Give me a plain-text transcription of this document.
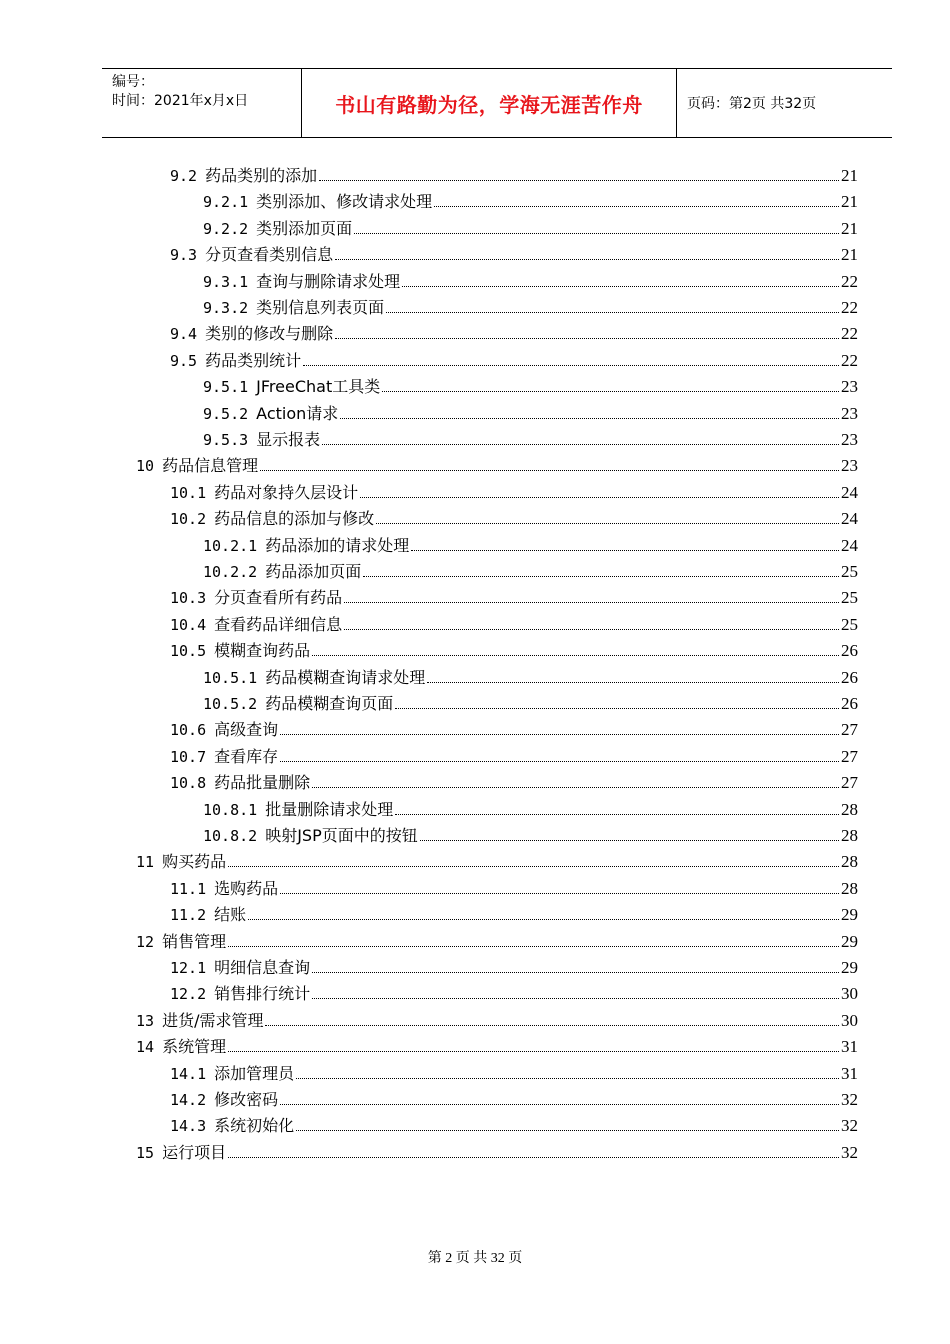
编号：
时间：2021年x月x日	书山有路勤为径，学海无涯苦作舟	页码：第2页 共32页
9.2 药品类别的添加	21
9.2.1 类别添加、修改请求处理	21
9.2.2 类别添加页面	21
9.3 分页查看类别信息	21
9.3.1 查询与删除请求处理	22
9.3.2 类别信息列表页面	22
9.4 类别的修改与删除	22
9.5 药品类别统计	22
9.5.1 JFreeChat工具类	23
9.5.2 Action请求	23
9.5.3 显示报表	23
10 药品信息管理	23
10.1 药品对象持久层设计	24
10.2 药品信息的添加与修改	24
10.2.1 药品添加的请求处理	24
10.2.2 药品添加页面	25
10.3 分页查看所有药品	25
10.4 查看药品详细信息	25
10.5 模糊查询药品	26
10.5.1 药品模糊查询请求处理	26
10.5.2 药品模糊查询页面	26
10.6 高级查询	27
10.7 查看库存	27
10.8 药品批量删除	27
10.8.1 批量删除请求处理	28
10.8.2 映射JSP页面中的按钮	28
11 购买药品	28
11.1 选购药品	28
11.2 结账	29
12 销售管理	29
12.1 明细信息查询	29
12.2 销售排行统计	30
13 进货/需求管理	30
14 系统管理	31
14.1 添加管理员	31
14.2 修改密码	32
14.3 系统初始化	32
15 运行项目	32
第 2 页 共 32 页
